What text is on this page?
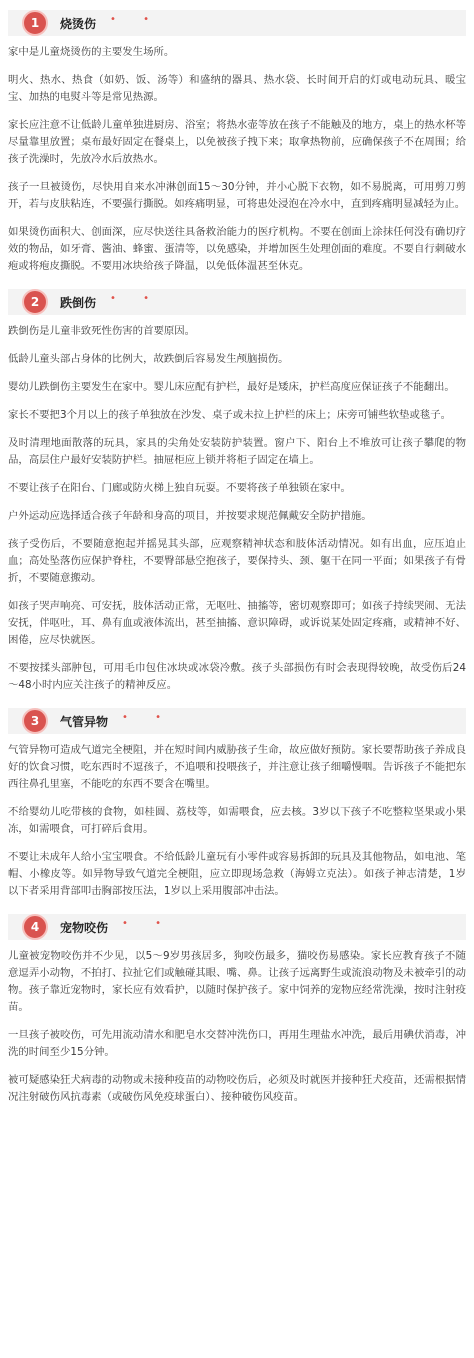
1	烧烫伤 • •

家中是儿童烧烫伤的主要发生场所。

明火、热水、热食（如奶、饭、汤等）和盛纳的器具、热水袋、长时间开启的灯或电动玩具、暖宝宝、加热的电熨斗等是常见热源。

家长应注意不让低龄儿童单独进厨房、浴室；将热水壶等放在孩子不能触及的地方，桌上的热水杯等尽量靠里放置；桌布最好固定在餐桌上，以免被孩子拽下来；取拿热物前，应确保孩子不在周围；给孩子洗澡时，先放冷水后放热水。

孩子一旦被烫伤，尽快用自来水冲淋创面15～30分钟，并小心脱下衣物，如不易脱离，可用剪刀剪开，若与皮肤粘连，不要强行撕脱。如疼痛明显，可将患处浸泡在冷水中，直到疼痛明显减轻为止。

如果烫伤面积大、创面深，应尽快送往具备救治能力的医疗机构。不要在创面上涂抹任何没有确切疗效的物品，如牙膏、酱油、蜂蜜、蛋清等，以免感染，并增加医生处理创面的难度。不要自行刺破水疱或将疱皮撕脱。不要用冰块给孩子降温，以免低体温甚至休克。

2	跌倒伤 • •

跌倒伤是儿童非致死性伤害的首要原因。

低龄儿童头部占身体的比例大，故跌倒后容易发生颅脑损伤。

婴幼儿跌倒伤主要发生在家中。婴儿床应配有护栏，最好是矮床，护栏高度应保证孩子不能翻出。

家长不要把3个月以上的孩子单独放在沙发、桌子或未拉上护栏的床上；床旁可铺些软垫或毯子。

及时清理地面散落的玩具，家具的尖角处安装防护装置。窗户下、阳台上不堆放可让孩子攀爬的物品，高层住户最好安装防护栏。抽屉柜应上锁并将柜子固定在墙上。

不要让孩子在阳台、门廊或防火梯上独自玩耍。不要将孩子单独锁在家中。

户外运动应选择适合孩子年龄和身高的项目，并按要求规范佩戴安全防护措施。

孩子受伤后，不要随意抱起并摇晃其头部，应观察精神状态和肢体活动情况。如有出血，应压迫止血；高处坠落伤应保护脊柱，不要臀部悬空抱孩子，要保持头、颈、躯干在同一平面；如果孩子有骨折，不要随意搬动。

如孩子哭声响亮、可安抚，肢体活动正常，无呕吐、抽搐等，密切观察即可；如孩子持续哭闹、无法安抚，伴呕吐，耳、鼻有血或液体流出，甚至抽搐、意识障碍，或诉说某处固定疼痛，或精神不好、困倦，应尽快就医。

不要按揉头部肿包，可用毛巾包住冰块或冰袋冷敷。孩子头部损伤有时会表现得较晚，故受伤后24～48小时内应关注孩子的精神反应。

3	气管异物 • •

气管异物可造成气道完全梗阻，并在短时间内威胁孩子生命，故应做好预防。家长要帮助孩子养成良好的饮食习惯，吃东西时不逗孩子，不追喂和投喂孩子，并注意让孩子细嚼慢咽。告诉孩子不能把东西往鼻孔里塞，不能吃的东西不要含在嘴里。

不给婴幼儿吃带核的食物，如桂圆、荔枝等，如需喂食，应去核。3岁以下孩子不吃整粒坚果或小果冻，如需喂食，可打碎后食用。

不要让未成年人给小宝宝喂食。不给低龄儿童玩有小零件或容易拆卸的玩具及其他物品，如电池、笔帽、小橡皮等。如异物导致气道完全梗阻，应立即现场急救（海姆立克法）。如孩子神志清楚，1岁以下者采用背部叩击胸部按压法，1岁以上采用腹部冲击法。

4	宠物咬伤 • •

儿童被宠物咬伤并不少见，以5～9岁男孩居多，狗咬伤最多，猫咬伤易感染。家长应教育孩子不随意逗弄小动物，不拍打、拉扯它们或触碰其眼、嘴、鼻。让孩子远离野生或流浪动物及未被牵引的动物。孩子靠近宠物时，家长应有效看护，以随时保护孩子。家中饲养的宠物应经常洗澡，按时注射疫苗。

一旦孩子被咬伤，可先用流动清水和肥皂水交替冲洗伤口，再用生理盐水冲洗，最后用碘伏消毒，冲洗的时间至少15分钟。

被可疑感染狂犬病毒的动物或未接种疫苗的动物咬伤后，必须及时就医并接种狂犬疫苗，还需根据情况注射破伤风抗毒素（或破伤风免疫球蛋白）、接种破伤风疫苗。
